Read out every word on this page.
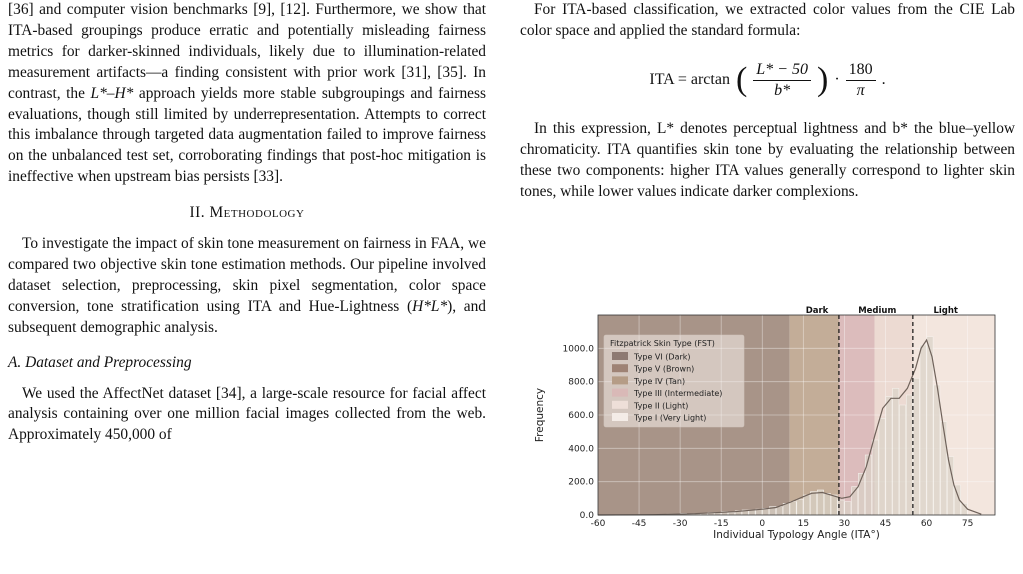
[36] and computer vision benchmarks [9], [12]. Furthermore, we show that ITA-based groupings produce erratic and potentially misleading fairness metrics for darker-skinned individuals, likely due to illumination-related measurement artifacts—a finding consistent with prior work [31], [35]. In contrast, the L*–H* approach yields more stable subgroupings and fairness evaluations, though still limited by underrepresentation. Attempts to correct this imbalance through targeted data augmentation failed to improve fairness on the unbalanced test set, corroborating findings that post-hoc mitigation is ineffective when upstream bias persists [33].

II. Methodology

To investigate the impact of skin tone measurement on fairness in FAA, we compared two objective skin tone estimation methods. Our pipeline involved dataset selection, preprocessing, skin pixel segmentation, color space conversion, tone stratification using ITA and Hue-Lightness (H*L*), and subsequent demographic analysis.

A. Dataset and Preprocessing

We used the AffectNet dataset [34], a large-scale resource for facial affect analysis containing over one million facial images collected from the web. Approximately 450,000 of

For ITA-based classification, we extracted color values from the CIE Lab color space and applied the standard formula:

ITA = arctan ( $\frac{L* - 50}{b*}$ ) · $\frac{180}{\pi}$ .

In this expression, L* denotes perceptual lightness and b* the blue–yellow chromaticity. ITA quantifies skin tone by evaluating the relationship between these two components: higher ITA values generally correspond to lighter skin tones, while lower values indicate darker complexions.

-60	-45	-30	-15	0	15	30	45	60	75
0.0
200.0
400.0
600.0
800.0
1000.0
Individual Typology Angle (ITA°)
Frequency
Dark	Medium	Light
Fitzpatrick Skin Type (FST)
Type VI (Dark)
Type V (Brown)
Type IV (Tan)
Type III (Intermediate)
Type II (Light)
Type I (Very Light)
